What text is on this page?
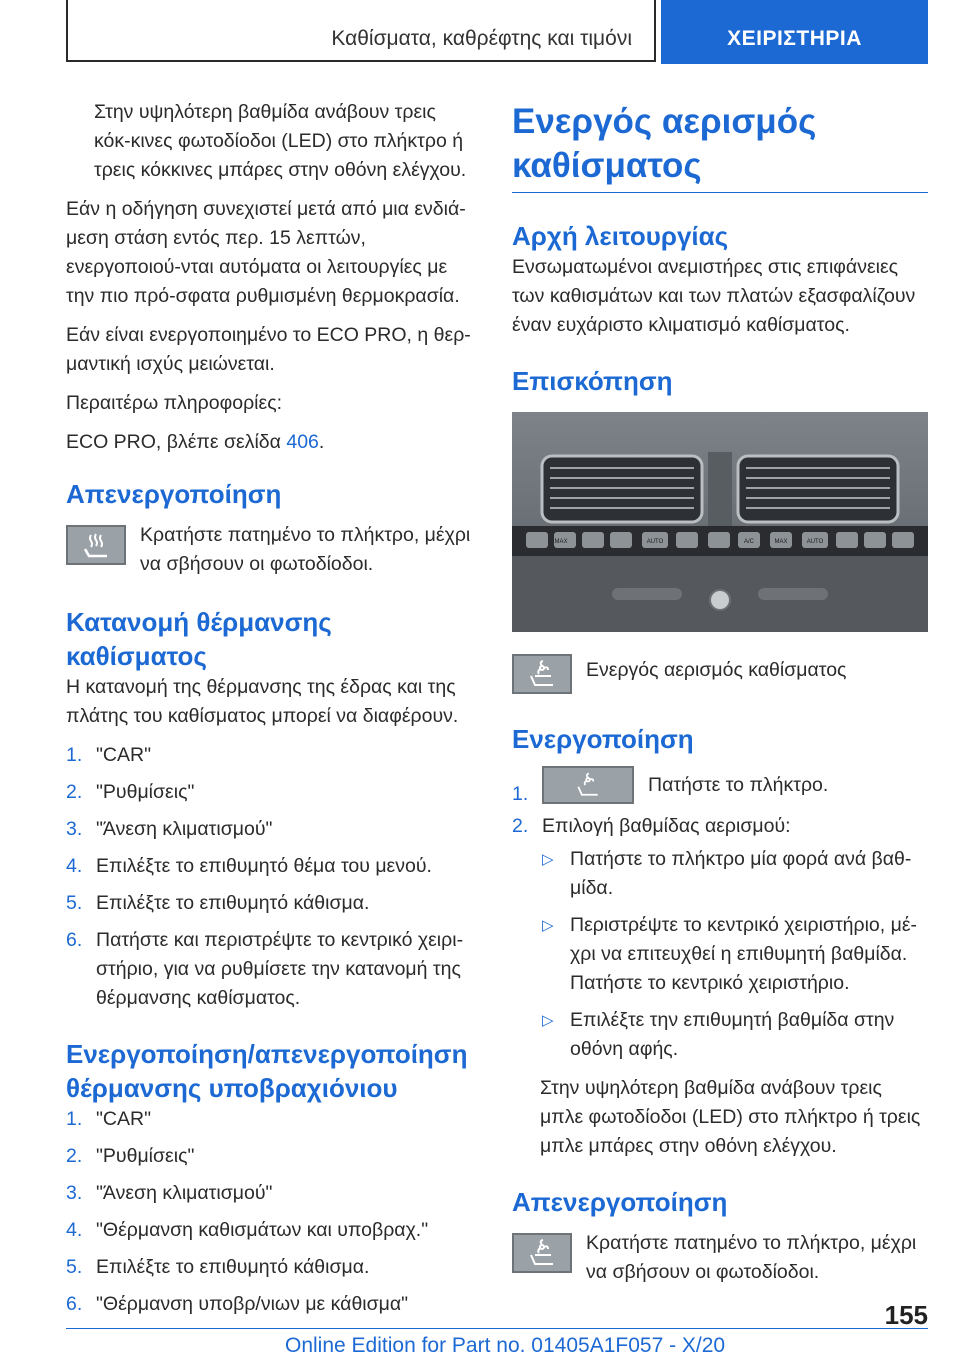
Καθίσματα, καθρέφτης και τιμόνι	ΧΕΙΡΙΣΤΗΡΙΑ

Στην υψηλότερη βαθμίδα ανάβουν τρεις κόκ‐κινες φωτοδίοδοι (LED) στο πλήκτρο ή τρεις κόκκινες μπάρες στην οθόνη ελέγχου.

Εάν η οδήγηση συνεχιστεί μετά από μια ενδιά‐μεση στάση εντός περ. 15 λεπτών, ενεργοποιού‐νται αυτόματα οι λειτουργίες με την πιο πρό‐σφατα ρυθμισμένη θερμοκρασία.

Εάν είναι ενεργοποιημένο το ECO PRO, η θερ‐μαντική ισχύς μειώνεται.

Περαιτέρω πληροφορίες:

ECO PRO, βλέπε σελίδα 406.

Απενεργοποίηση

Κρατήστε πατημένο το πλήκτρο, μέχρι να σβήσουν οι φωτοδίοδοι.

Κατανομή θέρμανσης καθίσματος

Η κατανομή της θέρμανσης της έδρας και της πλάτης του καθίσματος μπορεί να διαφέρουν.

1. "CAR"
2. "Ρυθμίσεις"
3. "Άνεση κλιματισμού"
4. Επιλέξτε το επιθυμητό θέμα του μενού.
5. Επιλέξτε το επιθυμητό κάθισμα.
6. Πατήστε και περιστρέψτε το κεντρικό χειρι‐στήριο, για να ρυθμίσετε την κατανομή της θέρμανσης καθίσματος.
Ενεργοποίηση/απενεργοποίηση θέρμανσης υποβραχιόνιου
1. "CAR"
2. "Ρυθμίσεις"
3. "Άνεση κλιματισμού"
4. "Θέρμανση καθισμάτων και υποβραχ."
5. Επιλέξτε το επιθυμητό κάθισμα.
6. "Θέρμανση υποβρ/νιων με κάθισμα"
Ενεργός αερισμός καθίσματος
Αρχή λειτουργίας

Ενσωματωμένοι ανεμιστήρες στις επιφάνειες των καθισμάτων και των πλατών εξασφαλίζουν έναν ευχάριστο κλιματισμό καθίσματος.

Επισκόπηση
MAX	AUTO	A/C	MAX	AUTO

Ενεργός αερισμός καθίσματος

Ενεργοποίηση
1.	Πατήστε το πλήκτρο.
2. Επιλογή βαθμίδας αερισμού:
▷ Πατήστε το πλήκτρο μία φορά ανά βαθ‐μίδα.
▷ Περιστρέψτε το κεντρικό χειριστήριο, μέ‐χρι να επιτευχθεί η επιθυμητή βαθμίδα. Πατήστε το κεντρικό χειριστήριο.
▷ Επιλέξτε την επιθυμητή βαθμίδα στην οθόνη αφής.

Στην υψηλότερη βαθμίδα ανάβουν τρεις μπλε φωτοδίοδοι (LED) στο πλήκτρο ή τρεις μπλε μπάρες στην οθόνη ελέγχου.

Απενεργοποίηση

Κρατήστε πατημένο το πλήκτρο, μέχρι να σβήσουν οι φωτοδίοδοι.

155
Online Edition for Part no. 01405A1F057 - X/20
